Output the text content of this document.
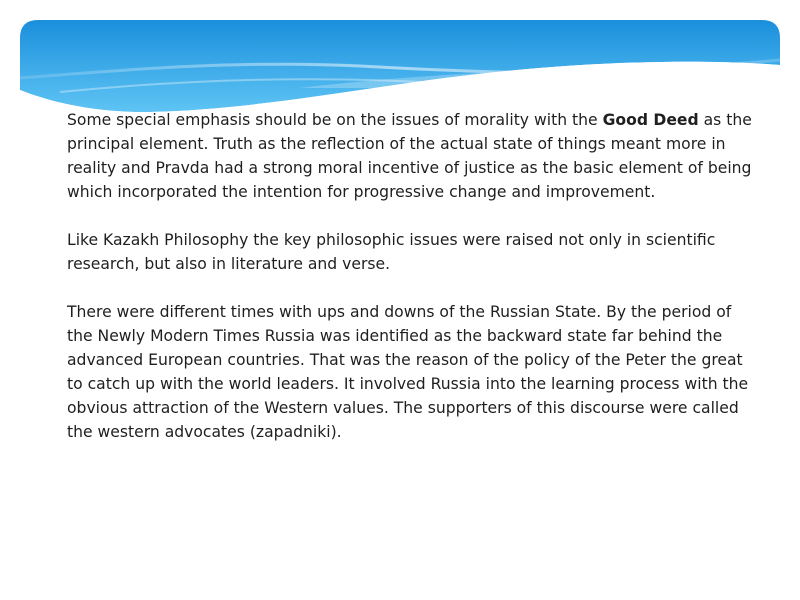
Some special emphasis should be on the issues of morality with the Good Deed as the principal element. Truth as the reflection of the actual state of things meant more in reality and Pravda had a strong moral incentive of justice as the basic element of being which incorporated the intention for progressive change and improvement.

Like Kazakh Philosophy the key philosophic issues were raised not only in scientific research, but also in literature and verse.

There were different times with ups and downs of the Russian State. By the period of the Newly Modern Times Russia was identified as the backward state far behind the advanced European countries. That was the reason of the policy of the Peter the great to catch up with the world leaders. It involved Russia into the learning process with the obvious attraction of the Western values. The supporters of this discourse were called the western advocates (zapadniki).
